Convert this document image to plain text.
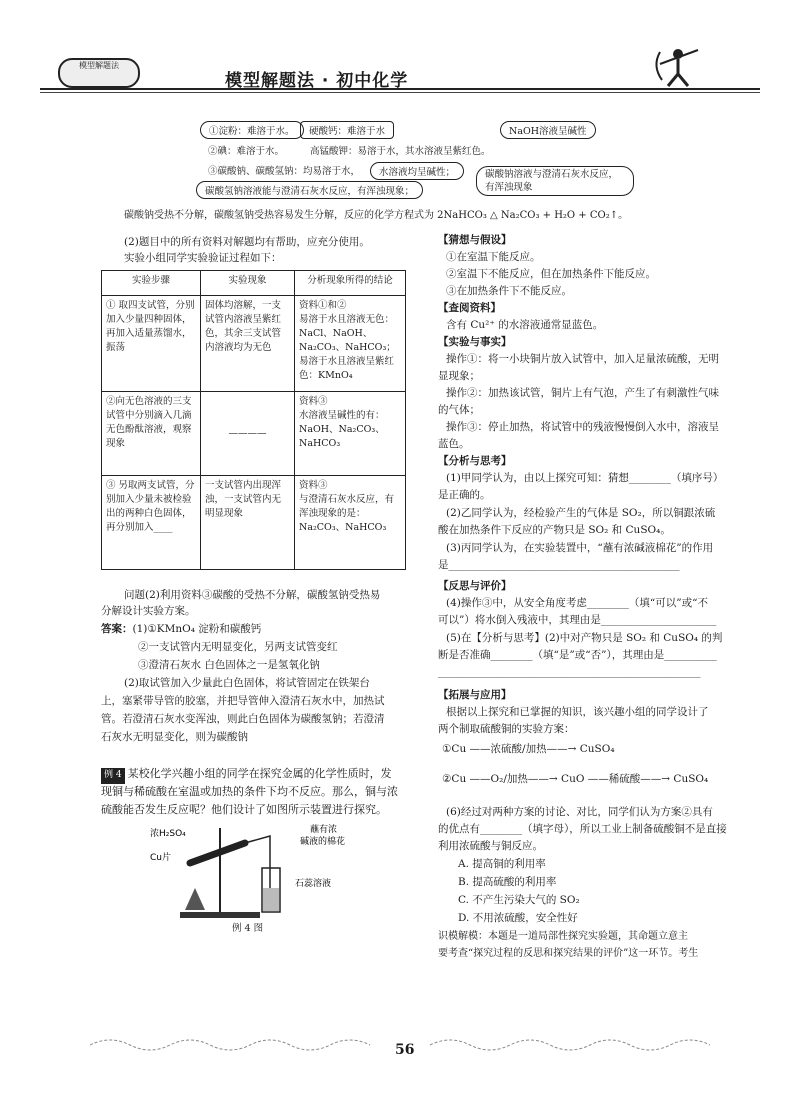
模型解题法
模型解题法 · 初中化学
①淀粉：难溶于水。	硬酸钙：难溶于水	NaOH溶液呈碱性
②碘：难溶于水。	高锰酸钾：易溶于水，其水溶液呈紫红色。
③碳酸钠、碳酸氢钠：均易溶于水，	水溶液均呈碱性；	碳酸钠溶液与澄清石灰水反应，有浑浊现象
碳酸氢钠溶液能与澄清石灰水反应，有浑浊现象；
碳酸钠受热不分解，碳酸氢钠受热容易发生分解，反应的化学方程式为 2NaHCO₃ △ Na₂CO₃ + H₂O + CO₂↑。
(2)题目中的所有资料对解题均有帮助，应充分使用。
实验小组同学实验验证过程如下：
实验步骤	实验现象	分析现象所得的结论
① 取四支试管，分别加入少量四种固体，再加入适量蒸馏水，振荡	固体均溶解，一支试管内溶液呈紫红色，其余三支试管内溶液均为无色	资料①和②
易溶于水且溶液无色：NaCl、NaOH、Na₂CO₃、NaHCO₃；易溶于水且溶液呈紫红色：KMnO₄
②向无色溶液的三支试管中分别滴入几滴无色酚酞溶液，观察现象	————	资料③
水溶液呈碱性的有：NaOH、Na₂CO₃、NaHCO₃
③ 另取两支试管，分别加入少量未被检验出的两种白色固体，再分别加入____	一支试管内出现浑浊，一支试管内无明显现象	资料③
与澄清石灰水反应，有浑浊现象的是：Na₂CO₃、NaHCO₃
问题(2)利用资料③碳酸的受热不分解，碳酸氢钠受热易
分解设计实验方案。
答案：(1)①KMnO₄ 淀粉和碳酸钙
②一支试管内无明显变化，另两支试管变红
③澄清石灰水 白色固体之一是氢氧化钠
(2)取试管加入少量此白色固体，将试管固定在铁架台
上，塞紧带导管的胶塞，并把导管伸入澄清石灰水中，加热试
管。若澄清石灰水变浑浊，则此白色固体为碳酸氢钠；若澄清
石灰水无明显变化，则为碳酸钠
例 4 某校化学兴趣小组的同学在探究金属的化学性质时，发
现铜与稀硫酸在室温或加热的条件下均不反应。那么，铜与浓
硫酸能否发生反应呢？他们设计了如图所示装置进行探究。
浓H₂SO₄
Cu片
蘸有浓
碱液的棉花
石蕊溶液
例 4 图
【猜想与假设】
①在室温下能反应。
②室温下不能反应，但在加热条件下能反应。
③在加热条件下不能反应。
【查阅资料】
含有 Cu²⁺ 的水溶液通常显蓝色。
【实验与事实】
操作①：将一小块铜片放入试管中，加入足量浓硫酸，无明
显现象；
操作②：加热该试管，铜片上有气泡，产生了有刺激性气味
的气体；
操作③：停止加热，将试管中的残液慢慢倒入水中，溶液呈
蓝色。
【分析与思考】
(1)甲同学认为，由以上探究可知：猜想________（填序号）
是正确的。
(2)乙同学认为，经检验产生的气体是 SO₂，所以铜跟浓硫
酸在加热条件下反应的产物只是 SO₂ 和 CuSO₄。
(3)丙同学认为，在实验装置中，“蘸有浓碱液棉花”的作用
是____________________________________________
【反思与评价】
(4)操作③中，从安全角度考虑________（填“可以”或“不
可以”）将水倒入残液中，其理由是______________________
(5)在【分析与思考】(2)中对产物只是 SO₂ 和 CuSO₄ 的判
断是否准确________（填“是”或“否”），其理由是__________
__________________________________________________
【拓展与应用】
根据以上探究和已掌握的知识，该兴趣小组的同学设计了
两个制取硫酸铜的实验方案：
①Cu ——浓硫酸/加热——→ CuSO₄
②Cu ——O₂/加热——→ CuO ——稀硫酸——→ CuSO₄
(6)经过对两种方案的讨论、对比，同学们认为方案②具有
的优点有________（填字母），所以工业上制备硫酸铜不是直接
利用浓硫酸与铜反应。
A. 提高铜的利用率
B. 提高硫酸的利用率
C. 不产生污染大气的 SO₂
D. 不用浓硫酸，安全性好
识模解模：本题是一道局部性探究实验题，其命题立意主
要考查“探究过程的反思和探究结果的评价”这一环节。考生
56
